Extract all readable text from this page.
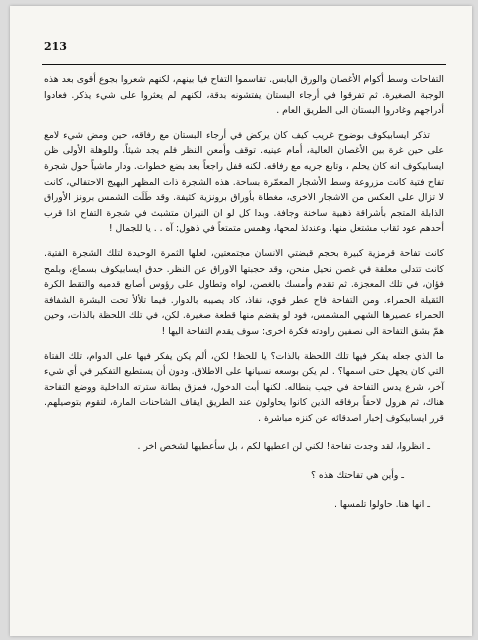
213

التفاحات وسط أكوام الأغصان والورق اليابس. تقاسموا التفاح فيا بينهم، لكنهم شعروا بجوع أقوى بعد هذه الوجبة الصغيرة. ثم تفرقوا في أرجاء البستان يفتشونه بدقة، لكنهم لم يعثروا على شيء يذكر. فعادوا أدراجهم وغادروا البستان الى الطريق العام .

تذكر ايسابيكوف بوضوح غريب كيف كان يركض في أرجاء البستان مع رفاقه، حين ومض شيء لامع على حين غرة بين الأغصان العالية، أمام عينيه. توقف وأمعن النظر فلم يجد شيئاً. وللوهلة الأولى ظن ايسابيكوف انه كان يحلم ، وتابع جريه مع رفاقه. لكنه قفل راجعاً بعد بضع خطوات. ودار ماشياً حول شجرة تفاح فتية كانت مزروعة وسط الأشجار المعمّرة بساحة. هذه الشجرة ذات المظهر البهيج الاحتفالي، كانت لا تزال على العكس من الاشجار الاخرى، مغطاة بأوراق برونزية كثيفة. وقد طَلَت الشمس برونز الأوراق الذابلة المتجم بأشراقة ذهبية ساخنة وجافة. وبدا كل لو ان النيران متشبث في شجرة التفاح اذا قرب أحدهم عود ثقاب مشتعل منها. وعندئذ لمحها، وهمس متمتعاً في ذهول: آه . . يا للجمال !

كانت تفاحة قرمزية كبيرة بحجم قبضتي الانسان مجتمعتين، لعلها الثمرة الوحيدة لتلك الشجرة الفتية. كانت تتدلى معلقة في غصن نحيل منحن، وقد حجبتها الاوراق عن النظر. حدق ايسابيكوف بسماع، وبلمح فؤان، في تلك المعجزة. ثم تقدم وأمسك بالغصن، لواه وتطاول على رؤوس أصابع قدميه والتقط الكرة الثقيلة الحمراء. ومن التفاحة فاح عطر قوي، نفاذ، كاد يصيبه بالدوار. فيما تلألأ تحت البشرة الشفافة الحمراء عصيرها الشهي المشمس، فود لو يقضم منها قطعة صغيرة. لكن، في تلك اللحظة بالذات، وحين همّ بشق التفاحة الى نصفين راودته فكرة اخرى: سوف يقدم التفاحة اليها !

ما الذي جعله يفكر فيها تلك اللحظة بالذات؟ يا للحظ! لكن، ألم يكن يفكر فيها على الدوام، تلك الفتاة التي كان يجهل حتى اسمها؟ . لم يكن بوسعه نسيانها على الاطلاق. ودون أن يستطيع التفكير في أي شيء آخر، شرع يدس التفاحة في جيب بنطاله. لكنها أبت الدخول، فمزق بطانة سترته الداخلية ووضع التفاحة هناك، ثم هرول لاحقاً برفاقه الذين كانوا يحاولون عند الطريق ايقاف الشاحنات المارة، لتقوم بتوصيلهم. قرر ايسابيكوف إخبار اصدقائه عن كنزه مباشرة .

ـ انظروا، لقد وجدت تفاحة! لكني لن اعطيها لكم ، بل سأعطيها لشخص اخر .

ـ وأين هي تفاحتك هذه ؟

ـ انها هنا. حاولوا تلمسها .
